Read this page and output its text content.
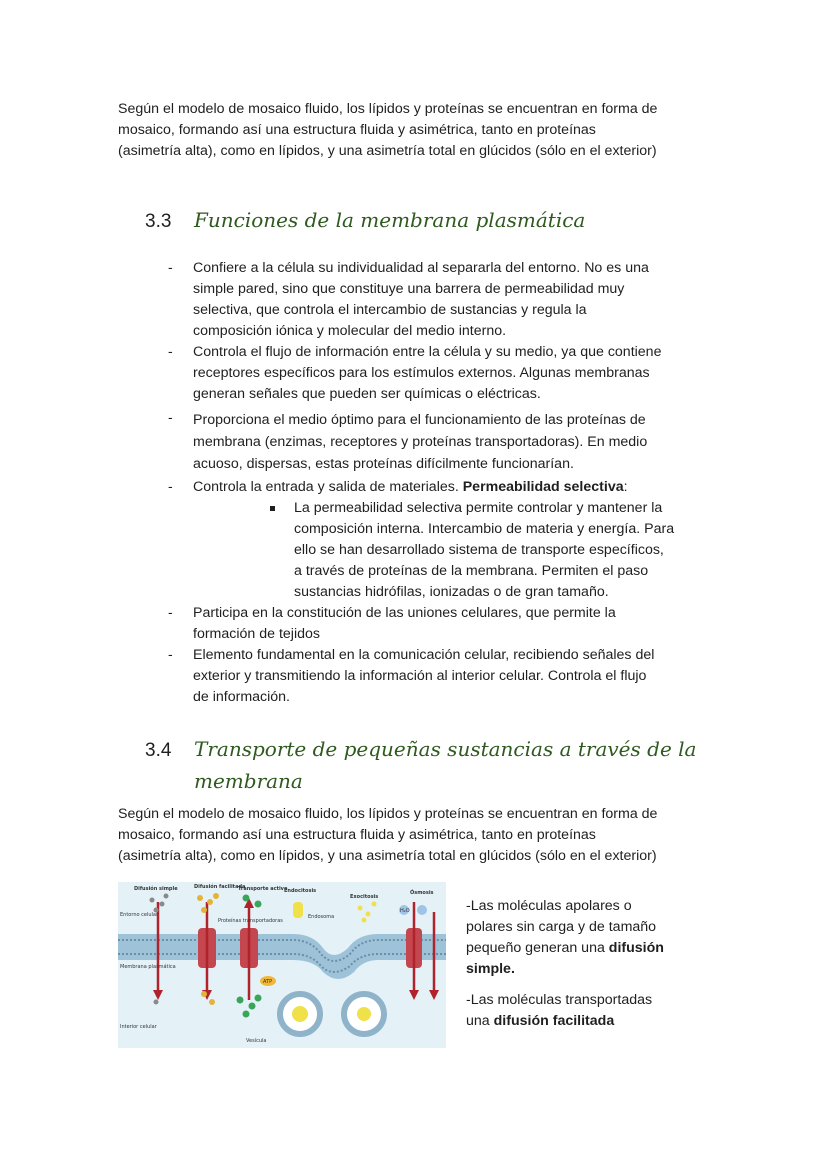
Según el modelo de mosaico fluido, los lípidos y proteínas se encuentran en forma de
mosaico, formando así una estructura fluida y asimétrica, tanto en proteínas
(asimetría alta), como en lípidos, y una asimetría total en glúcidos (sólo en el exterior)
3.3 Funciones de la membrana plasmática
- Confiere a la célula su individualidad al separarla del entorno. No es una
simple pared, sino que constituye una barrera de permeabilidad muy
selectiva, que controla el intercambio de sustancias y regula la
composición iónica y molecular del medio interno.
- Controla el flujo de información entre la célula y su medio, ya que contiene
receptores específicos para los estímulos externos. Algunas membranas
generan señales que pueden ser químicas o eléctricas.
- Proporciona el medio óptimo para el funcionamiento de las proteínas de
membrana (enzimas, receptores y proteínas transportadoras). En medio
acuoso, dispersas, estas proteínas difícilmente funcionarían.
- Controla la entrada y salida de materiales. Permeabilidad selectiva:
La permeabilidad selectiva permite controlar y mantener la
composición interna. Intercambio de materia y energía. Para
ello se han desarrollado sistema de transporte específicos,
a través de proteínas de la membrana. Permiten el paso
sustancias hidrófilas, ionizadas o de gran tamaño.
- Participa en la constitución de las uniones celulares, que permite la
formación de tejidos
- Elemento fundamental en la comunicación celular, recibiendo señales del
exterior y transmitiendo la información al interior celular. Controla el flujo
de información.
3.4 Transporte de pequeñas sustancias a través de la
membrana
Según el modelo de mosaico fluido, los lípidos y proteínas se encuentran en forma de
mosaico, formando así una estructura fluida y asimétrica, tanto en proteínas
(asimetría alta), como en lípidos, y una asimetría total en glúcidos (sólo en el exterior)
Difusión simple	Difusión facilitada
Transporte activo
Endocitosis
Exocitosis
Ósmosis
Entorno celular
Membrana plasmática
Interior celular
Proteínas transportadoras
Endosoma
Vesícula
ATP
H₂O	-Las moléculas apolares o
polares sin carga y de tamaño
pequeño generan una difusión
simple.
-Las moléculas transportadas
una difusión facilitada
